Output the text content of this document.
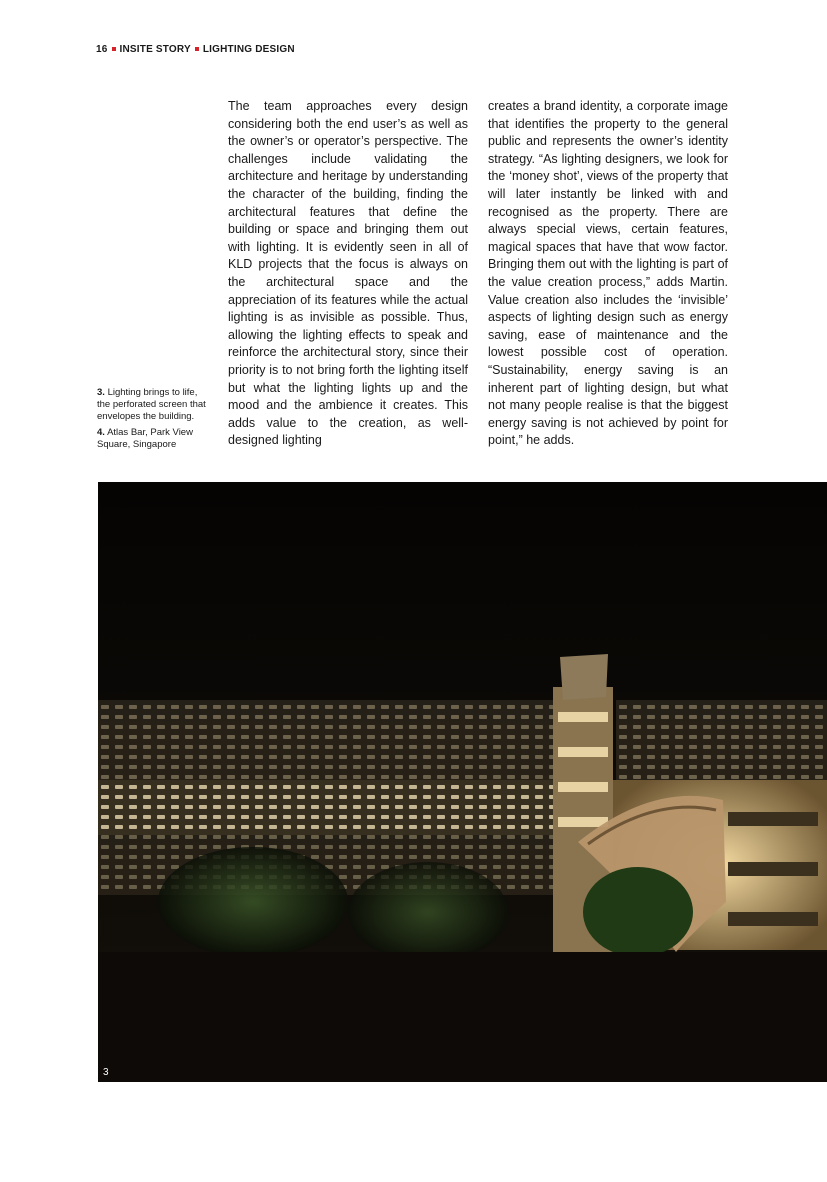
16 INSITE STORY LIGHTING DESIGN

3. Lighting brings to life, the perforated screen that envelopes the building.

4. Atlas Bar, Park View Square, Singapore

The team approaches every design considering both the end user’s as well as the owner’s or operator’s perspective. The challenges include validating the architecture and heritage by understanding the character of the building, finding the architectural features that define the building or space and bringing them out with lighting. It is evidently seen in all of KLD projects that the focus is always on the architectural space and the appreciation of its features while the actual lighting is as invisible as possible. Thus, allowing the lighting effects to speak and reinforce the architectural story, since their priority is to not bring forth the lighting itself but what the lighting lights up and the mood and the ambience it creates. This adds value to the creation, as well-designed lighting
creates a brand identity, a corporate image that identifies the property to the general public and represents the owner’s identity strategy. “As lighting designers, we look for the ‘money shot’, views of the property that will later instantly be linked with and recognised as the property. There are always special views, certain features, magical spaces that have that wow factor. Bringing them out with the lighting is part of the value creation process,” adds Martin. Value creation also includes the ‘invisible’ aspects of lighting design such as energy saving, ease of maintenance and the lowest possible cost of operation. “Sustainability, energy saving is an inherent part of lighting design, but what not many people realise is that the biggest energy saving is not achieved by point for point,” he adds.
3
